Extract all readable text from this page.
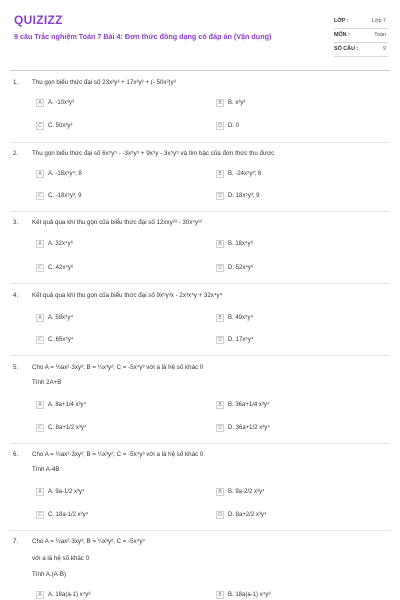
QUIZIZZ
9 câu Trắc nghiệm Toán 7 Bài 4: Đơn thức đồng dạng có đáp án (Vận dụng)
LỚP :	Lớp 7
MÔN :	Toán
SỐ CÂU :	9
1. Thu gọn biểu thức đại số 23x³y³ + 17x³y³ + (- 50x³)y³
A	A. -10x³y³	B	B. x³y³
C	C. 50x³y³	D	D. 0
2. Thu gọn biểu thức đại số 6x⁵y⁵ - -3x⁵y⁵ + 9x⁵y - 3x⁵y⁵ và tìm bậc của đơn thức thu được
A	A. -18x⁵y⁴; 8	B	B. -24x⁵y³; 8
C	C. -18x⁵y³; 9	D	D. 18x⁵y³; 9
3. Kết quả qua khi thu gọn của biểu thức đại số 12xxy²³ - 30x⁴y¹²
A	A. 32x⁴y⁶	B	B. 18x⁴y⁶
C	C. 42x⁴y⁶	D	D. 52x⁴y⁶
4. Kết quả qua khi thu gọn của biểu thức đại số 9x⁵y³x - 2x³x⁴y + 32x⁴y⁴
A	A. 59x⁵y⁴	B	B. 49x⁵y⁴
C	C. 65x⁵y⁴	D	D. 17x⁵y⁴
5. Cho A = ½ax²·3xy²; B = ¼x³y²; C = -5x⁴y³ với a là hệ số khác 0
Tính 2A+B
A	A. 8a+1/4 x³y⁴	B	B. 36a+1/4 x³y⁴
C	C. 8a+1/2 x³y⁴	D	D. 36a+1/2 x³y⁴
6. Cho A = ½ax²·3xy²; B = ¼x³y²; C = -5x⁴y³ với a là hệ số khác 0
Tính A-4B
A	A. 9a-1/2 x³y⁴	B	B. 9a-2/2 x³y⁴
C	C. 18a-1/2 x³y⁴	D	D. 8a+2/2 x³y⁴
7. Cho A = ½ax²·3xy²; B = ¼x³y²; C = -5x⁴y³
với a là hệ số khác 0
Tính A.(A-B)
A	A. 18a(a-1) x⁴y⁸	B	B. 18a(a-1) x⁴y⁸
